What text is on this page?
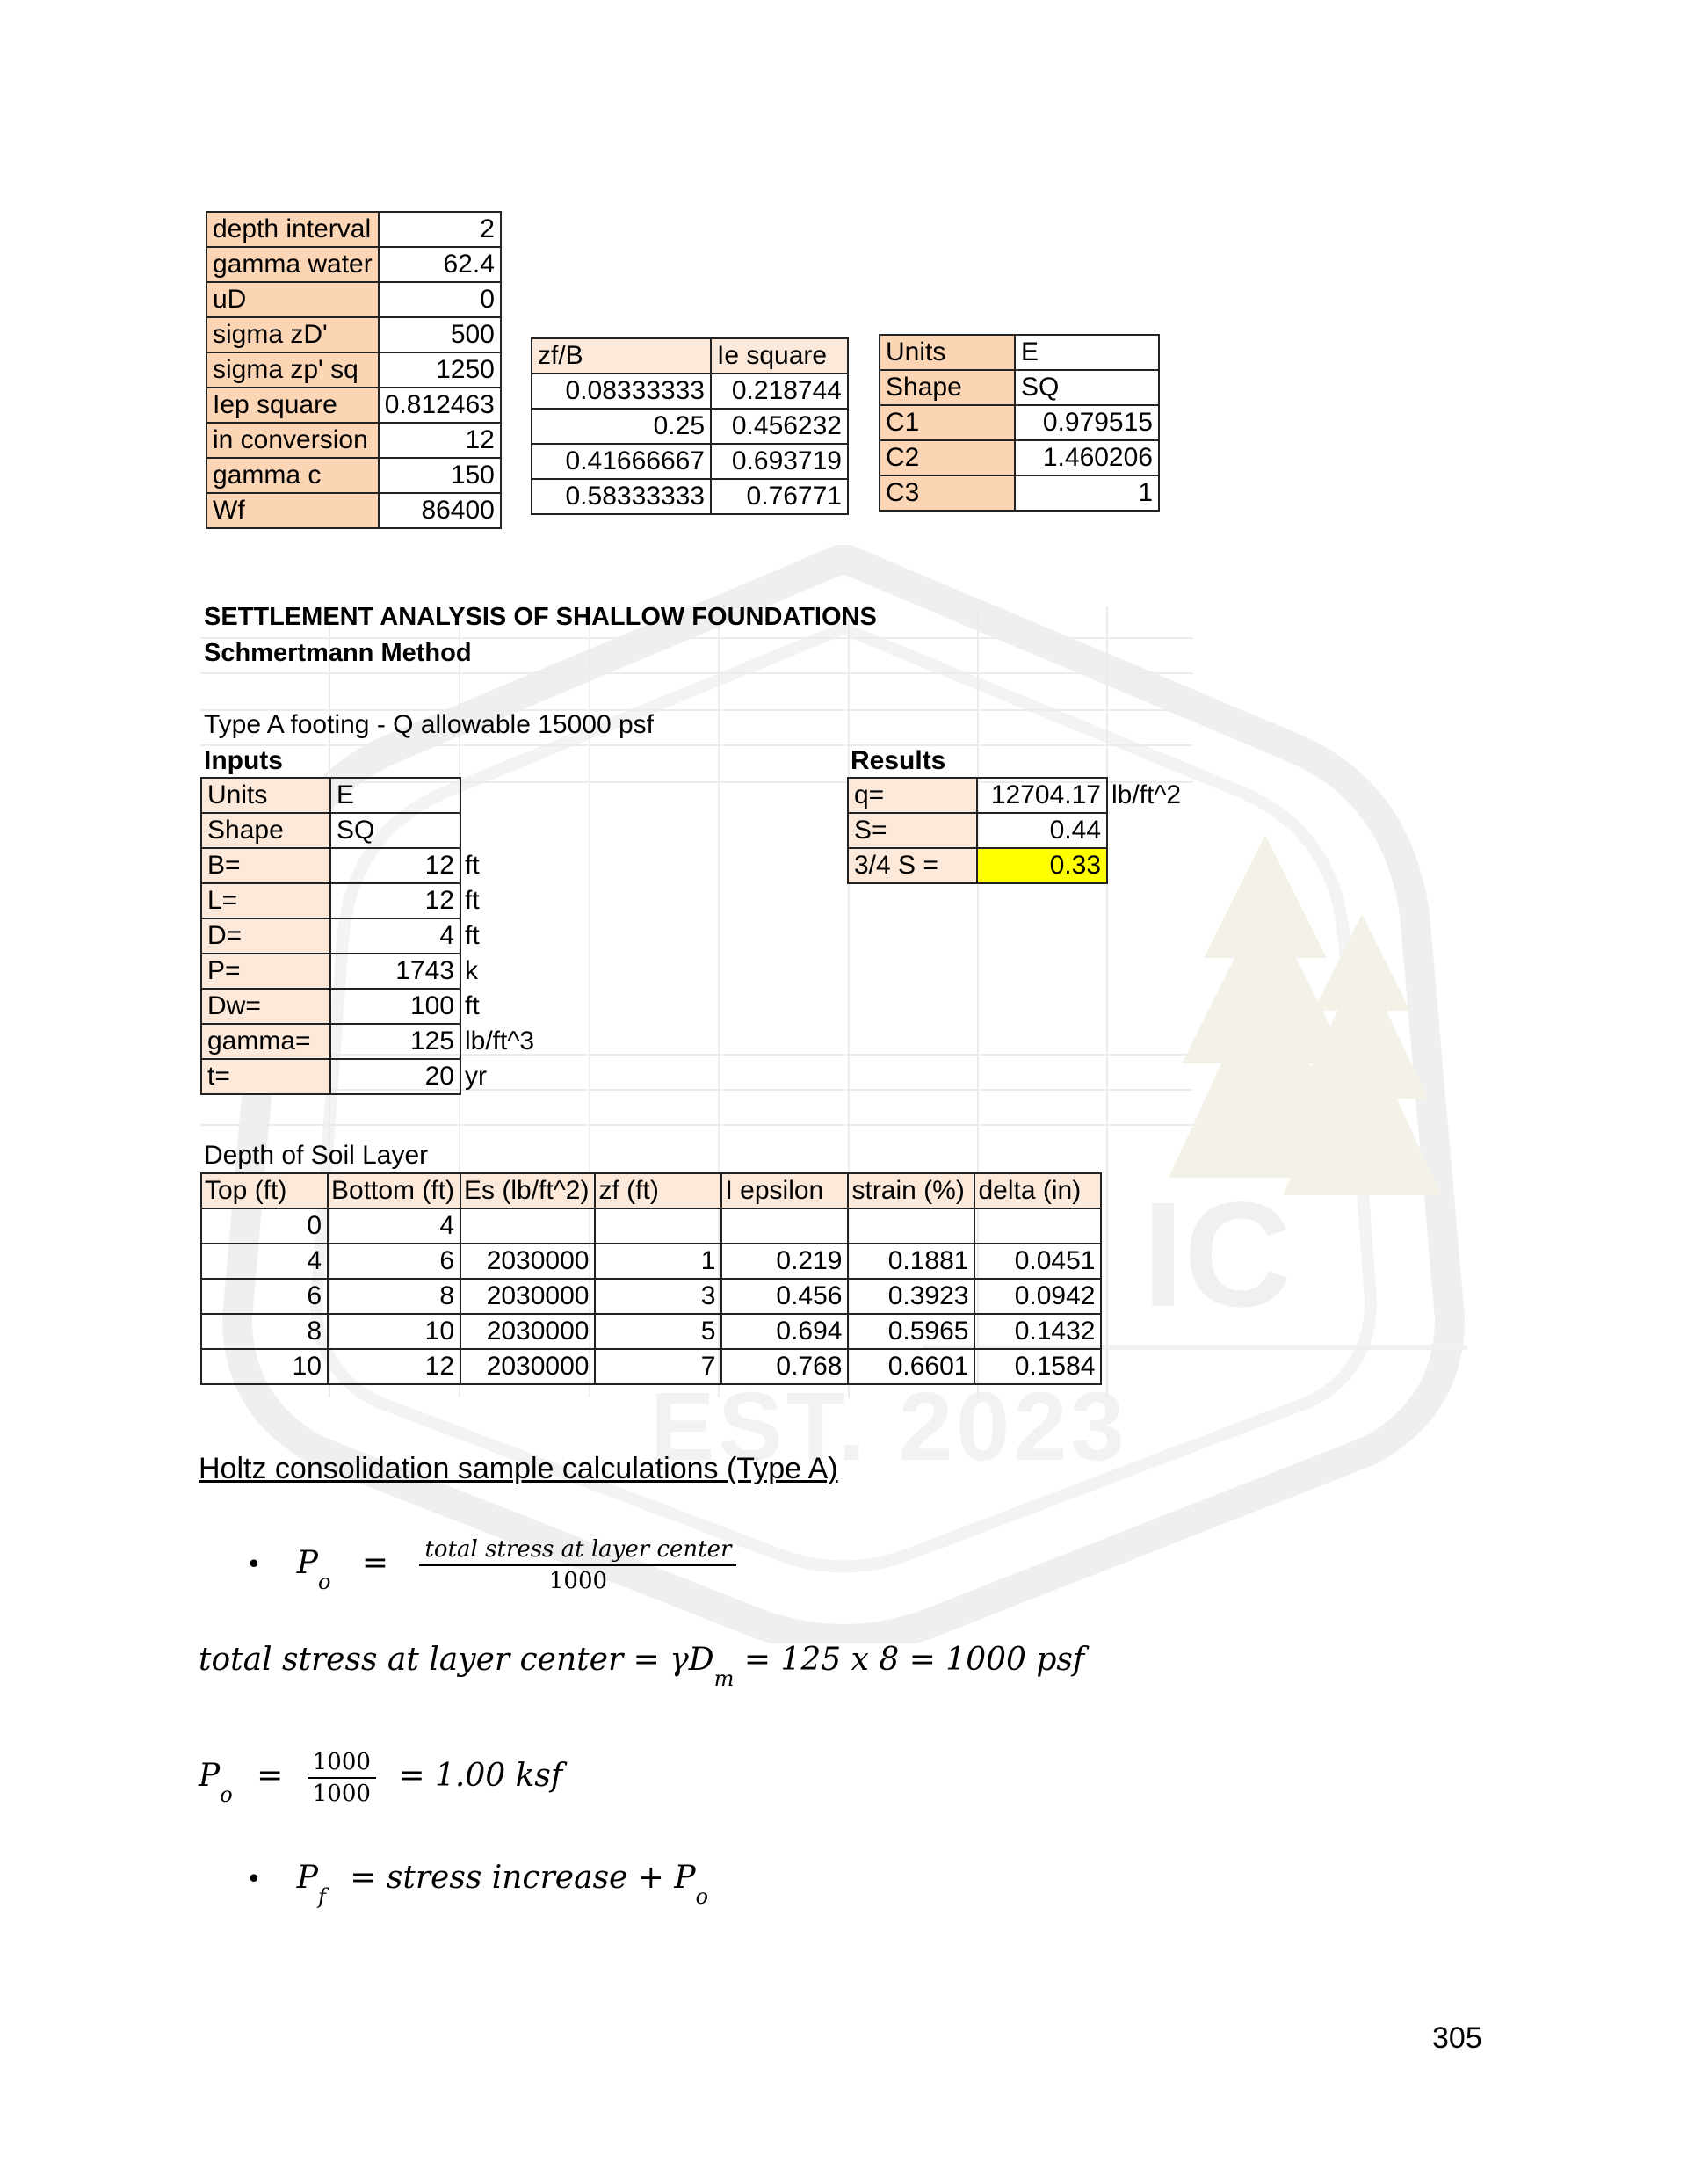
IC
EST. 2023
depth interval	2
gamma water	62.4
uD	0
sigma zD'	500
sigma zp' sq	1250
Iep square	0.812463
in conversion	12
gamma c	150
Wf	86400
zf/B	Ie square
0.08333333	0.218744
0.25	0.456232
0.41666667	0.693719
0.58333333	0.76771
Units	E
Shape	SQ
C1	0.979515
C2	1.460206
C3	1
SETTLEMENT ANALYSIS OF SHALLOW FOUNDATIONS
Schmertmann Method
Type A footing - Q allowable 15000 psf
Inputs	Results
Units	E	
Shape	SQ	
B=	12	ft
L=	12	ft
D=	4	ft
P=	1743	k
Dw=	100	ft
gamma=	125	lb/ft^3
t=	20	yr
q=	12704.17	lb/ft^2
S=	0.44	
3/4 S =	0.33	
Depth of Soil Layer
Top (ft)	Bottom (ft)	Es (lb/ft^2)	zf (ft)	I epsilon	strain (%)	delta (in)
0	4					
4	6	2030000	1	0.219	0.1881	0.0451
6	8	2030000	3	0.456	0.3923	0.0942
8	10	2030000	5	0.694	0.5965	0.1432
10	12	2030000	7	0.768	0.6601	0.1584
Holtz consolidation sample calculations (Type A)
• $P_o = \frac{\text{total stress at layer center}}{1000}$
total stress at layer center = $\gamma D_m = 125$ x 8 = 1000 psf
$P_o = \frac{1000}{1000} = 1.00$ ksf
• $P_f$ = stress increase + $P_o$
305
